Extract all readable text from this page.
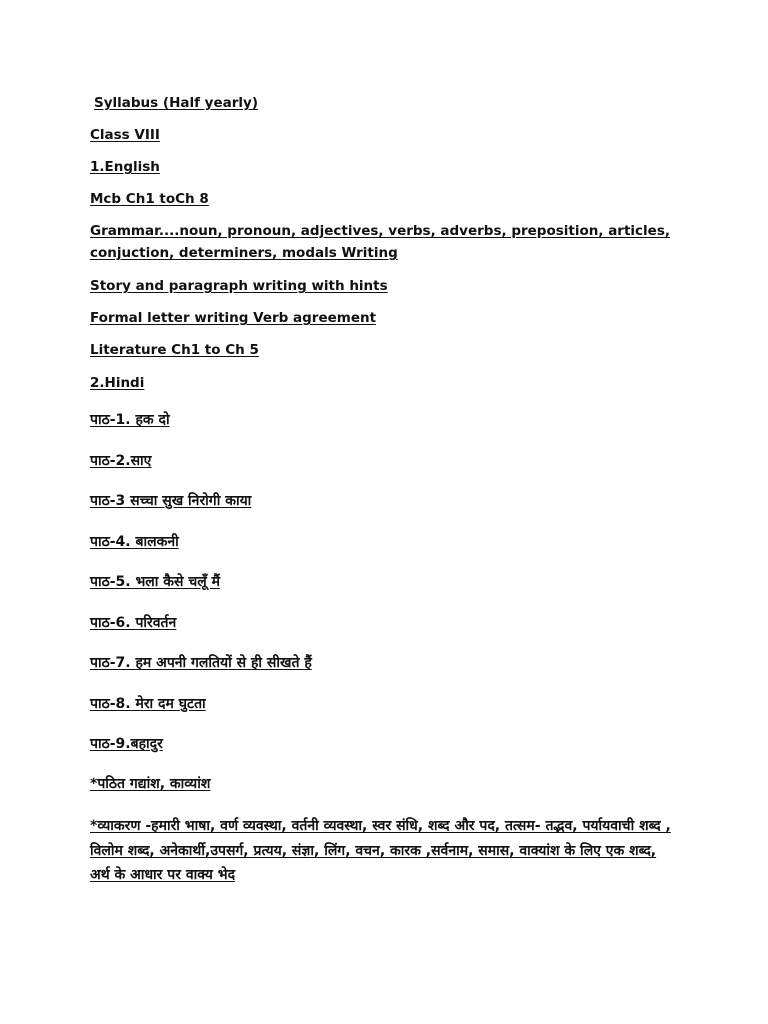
Syllabus (Half yearly)
Class VIII
1.English
Mcb Ch1 toCh 8
Grammar....noun, pronoun, adjectives, verbs, adverbs, preposition, articles, conjuction, determiners, modals Writing
Story and paragraph writing with hints
Formal letter writing Verb agreement
Literature Ch1 to Ch 5
2.Hindi
पाठ-1. हक दो
पाठ-2.साए
पाठ-3 सच्चा सुख निरोगी काया
पाठ-4. बालकनी
पाठ-5. भला कैसे चलूँ मैं
पाठ-6. परिवर्तन
पाठ-7. हम अपनी गलतियों से ही सीखते हैं
पाठ-8. मेरा दम घुटता
पाठ-9.बहादुर
*पठित गद्यांश, काव्यांश
*व्याकरण -हमारी भाषा, वर्ण व्यवस्था, वर्तनी व्यवस्था, स्वर संधि, शब्द और पद, तत्सम- तद्भव, पर्यायवाची शब्द , विलोम शब्द, अनेकार्थी,उपसर्ग, प्रत्यय, संज्ञा, लिंग, वचन, कारक ,सर्वनाम, समास, वाक्यांश के लिए एक शब्द, अर्थ के आधार पर वाक्य भेद
